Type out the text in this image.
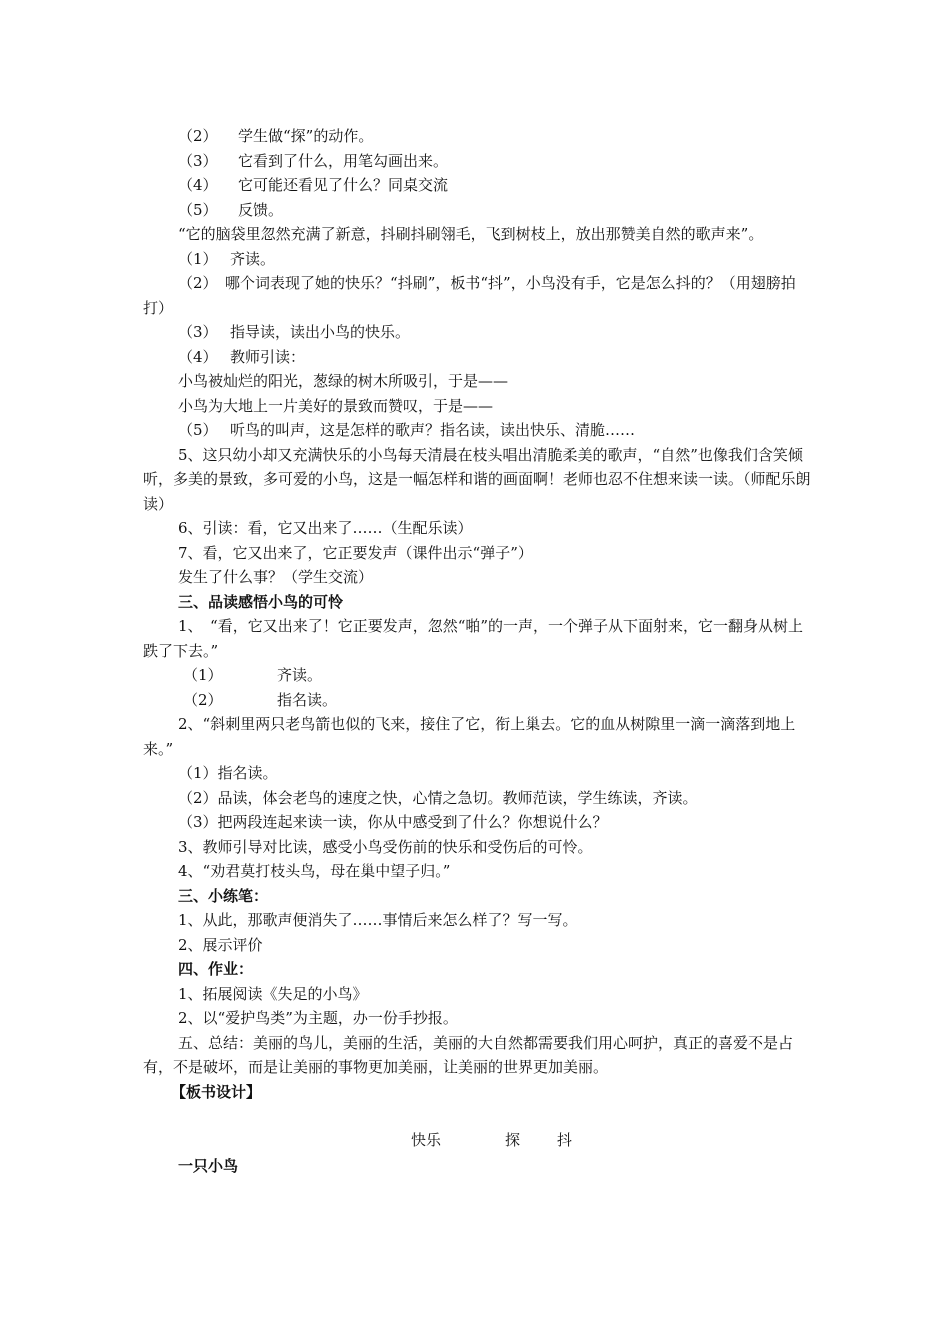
（2） 学生做“探”的动作。
（3） 它看到了什么，用笔勾画出来。
（4） 它可能还看见了什么？同桌交流
（5） 反馈。
“它的脑袋里忽然充满了新意，抖刷抖刷翎毛，飞到树枝上，放出那赞美自然的歌声来”。
（1） 齐读。
（2）　哪个词表现了她的快乐？“抖刷”，板书“抖”，小鸟没有手，它是怎么抖的？（用翅膀拍打）
（3） 指导读，读出小鸟的快乐。
（4） 教师引读：
小鸟被灿烂的阳光，葱绿的树木所吸引，于是——
小鸟为大地上一片美好的景致而赞叹，于是——
（5） 听鸟的叫声，这是怎样的歌声？指名读，读出快乐、清脆……
5、这只幼小却又充满快乐的小鸟每天清晨在枝头唱出清脆柔美的歌声，“自然”也像我们含笑倾听，多美的景致，多可爱的小鸟，这是一幅怎样和谐的画面啊！老师也忍不住想来读一读。（师配乐朗读）
6、引读：看，它又出来了……（生配乐读）
7、看，它又出来了，它正要发声（课件出示“弹子”）
发生了什么事？（学生交流）
三、品读感悟小鸟的可怜
1、　“看，它又出来了！它正要发声，忽然“啪”的一声，一个弹子从下面射来，它一翻身从树上跌了下去。”
（1）	齐读。
（2）	指名读。
2、“斜刺里两只老鸟箭也似的飞来，接住了它，衔上巢去。它的血从树隙里一滴一滴落到地上来。”
（1）指名读。
（2）品读，体会老鸟的速度之快，心情之急切。教师范读，学生练读，齐读。
（3）把两段连起来读一读，你从中感受到了什么？你想说什么？
3、教师引导对比读，感受小鸟受伤前的快乐和受伤后的可怜。
4、“劝君莫打枝头鸟，母在巢中望子归。”
三、小练笔：
1、从此，那歌声便消失了……事情后来怎么样了？写一写。
2、展示评价
四、作业：
1、拓展阅读《失足的小鸟》
2、以“爱护鸟类”为主题，办一份手抄报。
五、总结：美丽的鸟儿，美丽的生活，美丽的大自然都需要我们用心呵护，真正的喜爱不是占有，不是破坏，而是让美丽的事物更加美丽，让美丽的世界更加美丽。
【板书设计】
快乐	探 抖
一只小鸟
